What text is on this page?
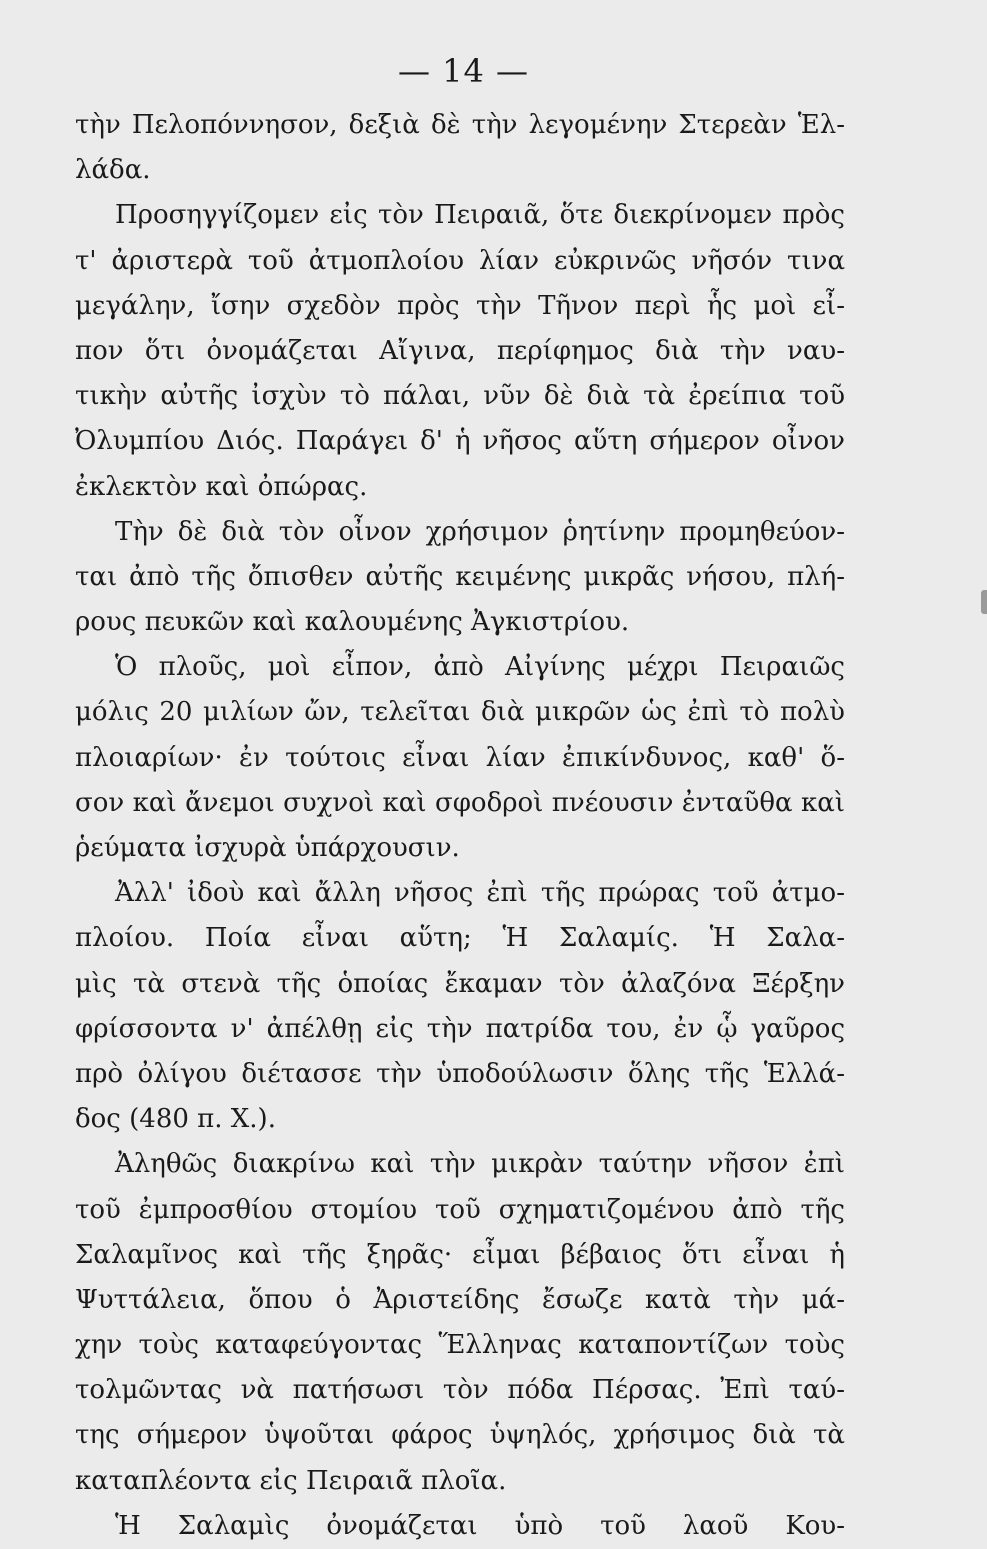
— 14 —
τὴν Πελοπόννησον, δεξιὰ δὲ τὴν λεγομένην Στερεὰν Ἑλ-
λάδα.
Προσηγγίζομεν εἰς τὸν Πειραιᾶ, ὅτε διεκρίνομεν πρὸς
τ' ἀριστερὰ τοῦ ἀτμοπλοίου λίαν εὐκρινῶς νῆσόν τινα
μεγάλην, ἴσην σχεδὸν πρὸς τὴν Τῆνον περὶ ἧς μοὶ εἶ-
πον ὅτι ὀνομάζεται Αἴγινα, περίφημος διὰ τὴν ναυ-
τικὴν αὐτῆς ἰσχὺν τὸ πάλαι, νῦν δὲ διὰ τὰ ἐρείπια τοῦ
Ὀλυμπίου Διός. Παράγει δ' ἡ νῆσος αὕτη σήμερον οἶνον
ἐκλεκτὸν καὶ ὀπώρας.
Τὴν δὲ διὰ τὸν οἶνον χρήσιμον ῥητίνην προμηθεύον-
ται ἀπὸ τῆς ὄπισθεν αὐτῆς κειμένης μικρᾶς νήσου, πλή-
ρους πευκῶν καὶ καλουμένης Ἀγκιστρίου.
Ὁ πλοῦς, μοὶ εἶπον, ἀπὸ Αἰγίνης μέχρι Πειραιῶς
μόλις 20 μιλίων ὤν, τελεῖται διὰ μικρῶν ὡς ἐπὶ τὸ πολὺ
πλοιαρίων· ἐν τούτοις εἶναι λίαν ἐπικίνδυνος, καθ' ὅ-
σον καὶ ἄνεμοι συχνοὶ καὶ σφοδροὶ πνέουσιν ἐνταῦθα καὶ
ῥεύματα ἰσχυρὰ ὑπάρχουσιν.
Ἀλλ' ἰδοὺ καὶ ἄλλη νῆσος ἐπὶ τῆς πρώρας τοῦ ἀτμο-
πλοίου. Ποία εἶναι αὕτη; Ἡ Σαλαμίς. Ἡ Σαλα-
μὶς τὰ στενὰ τῆς ὁποίας ἔκαμαν τὸν ἀλαζόνα Ξέρξην
φρίσσοντα ν' ἀπέλθῃ εἰς τὴν πατρίδα του, ἐν ᾧ γαῦρος
πρὸ ὀλίγου διέτασσε τὴν ὑποδούλωσιν ὅλης τῆς Ἑλλά-
δος (480 π. Χ.).
Ἀληθῶς διακρίνω καὶ τὴν μικρὰν ταύτην νῆσον ἐπὶ
τοῦ ἐμπροσθίου στομίου τοῦ σχηματιζομένου ἀπὸ τῆς
Σαλαμῖνος καὶ τῆς ξηρᾶς· εἶμαι βέβαιος ὅτι εἶναι ἡ
Ψυττάλεια, ὅπου ὁ Ἀριστείδης ἔσωζε κατὰ τὴν μά-
χην τοὺς καταφεύγοντας Ἕλληνας καταποντίζων τοὺς
τολμῶντας νὰ πατήσωσι τὸν πόδα Πέρσας. Ἐπὶ ταύ-
της σήμερον ὑψοῦται φάρος ὑψηλός, χρήσιμος διὰ τὰ
καταπλέοντα εἰς Πειραιᾶ πλοῖα.
Ἡ Σαλαμὶς ὀνομάζεται ὑπὸ τοῦ λαοῦ Κου-
